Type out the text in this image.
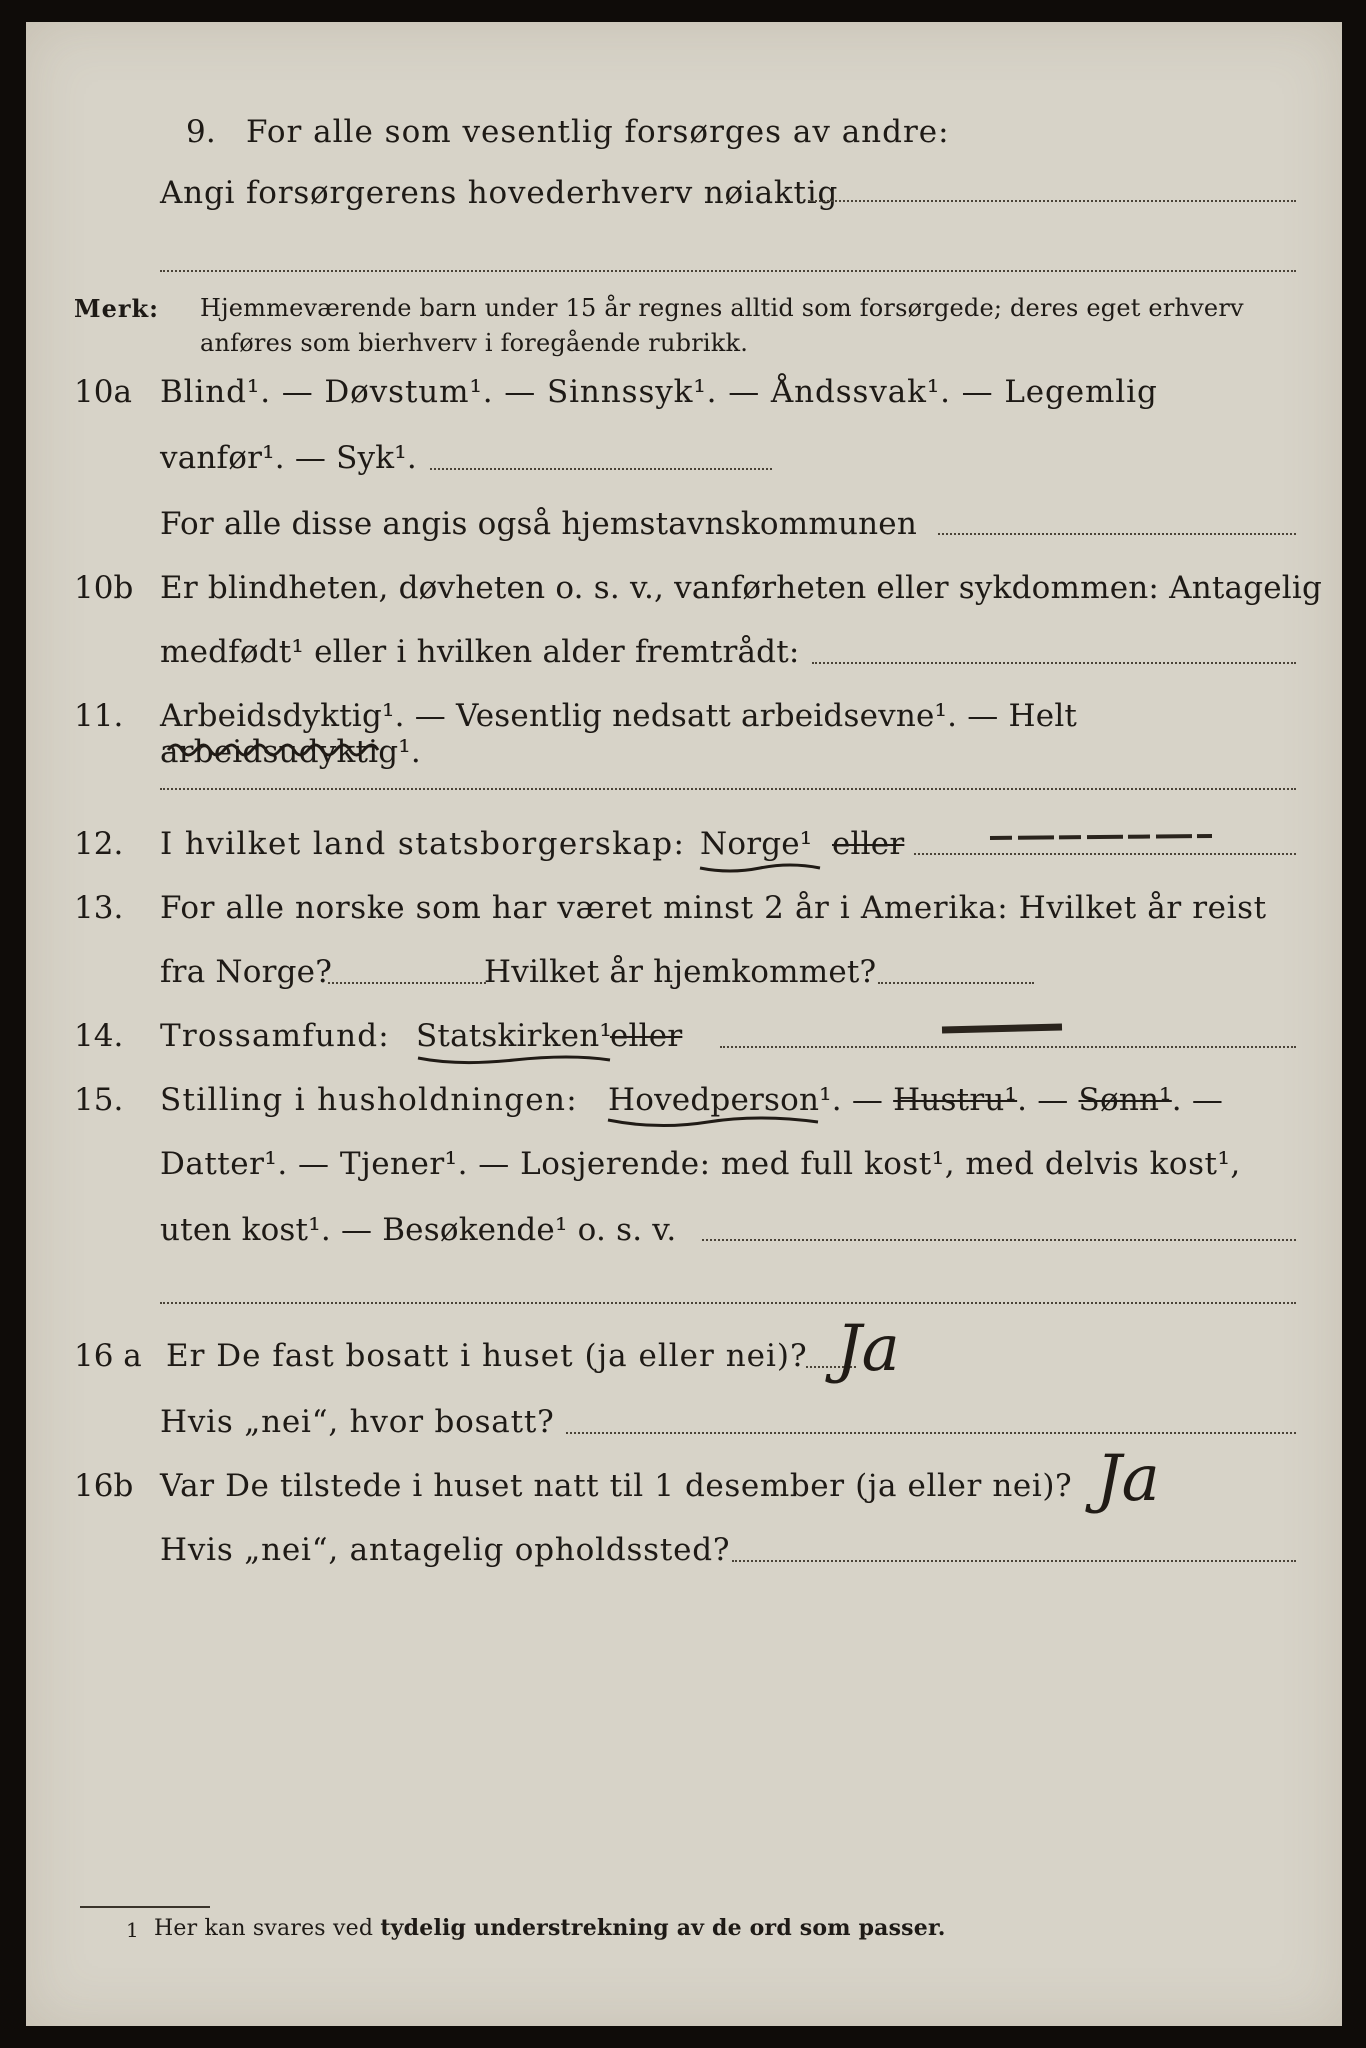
9. For alle som vesentlig forsørges av andre:
Angi forsørgerens hovederhverv nøiaktig
Merk: Hjemmeværende barn under 15 år regnes alltid som forsørgede; deres eget erhverv
anføres som bierhverv i foregående rubrikk.
10a Blind¹. — Døvstum¹. — Sinnssyk¹. — Åndssvak¹. — Legemlig
vanfør¹. — Syk¹.
For alle disse angis også hjemstavnskommunen
10b Er blindheten, døvheten o. s. v., vanførheten eller sykdommen: Antagelig
medfødt¹ eller i hvilken alder fremtrådt:
11. Arbeidsdyktig¹. — Vesentlig nedsatt arbeidsevne¹. — Helt arbeidsudyktig¹.
12. I hvilket land statsborgerskap: Norge¹ eller
13. For alle norske som har været minst 2 år i Amerika: Hvilket år reist
fra Norge?	Hvilket år hjemkommet?
14. Trossamfund: Statskirken¹
eller
15. Stilling i husholdningen: Hovedperson¹. — Hustru¹. — Sønn¹. —
Datter¹. — Tjener¹. — Losjerende: med full kost¹, med delvis kost¹,
uten kost¹. — Besøkende¹ o. s. v.
16 a Er De fast bosatt i huset (ja eller nei)? Ja
Hvis „nei“, hvor bosatt?
16b Var De tilstede i huset natt til 1 desember (ja eller nei)? Ja
Hvis „nei“, antagelig opholdssted?
1 Her kan svares ved tydelig understrekning av de ord som passer.
